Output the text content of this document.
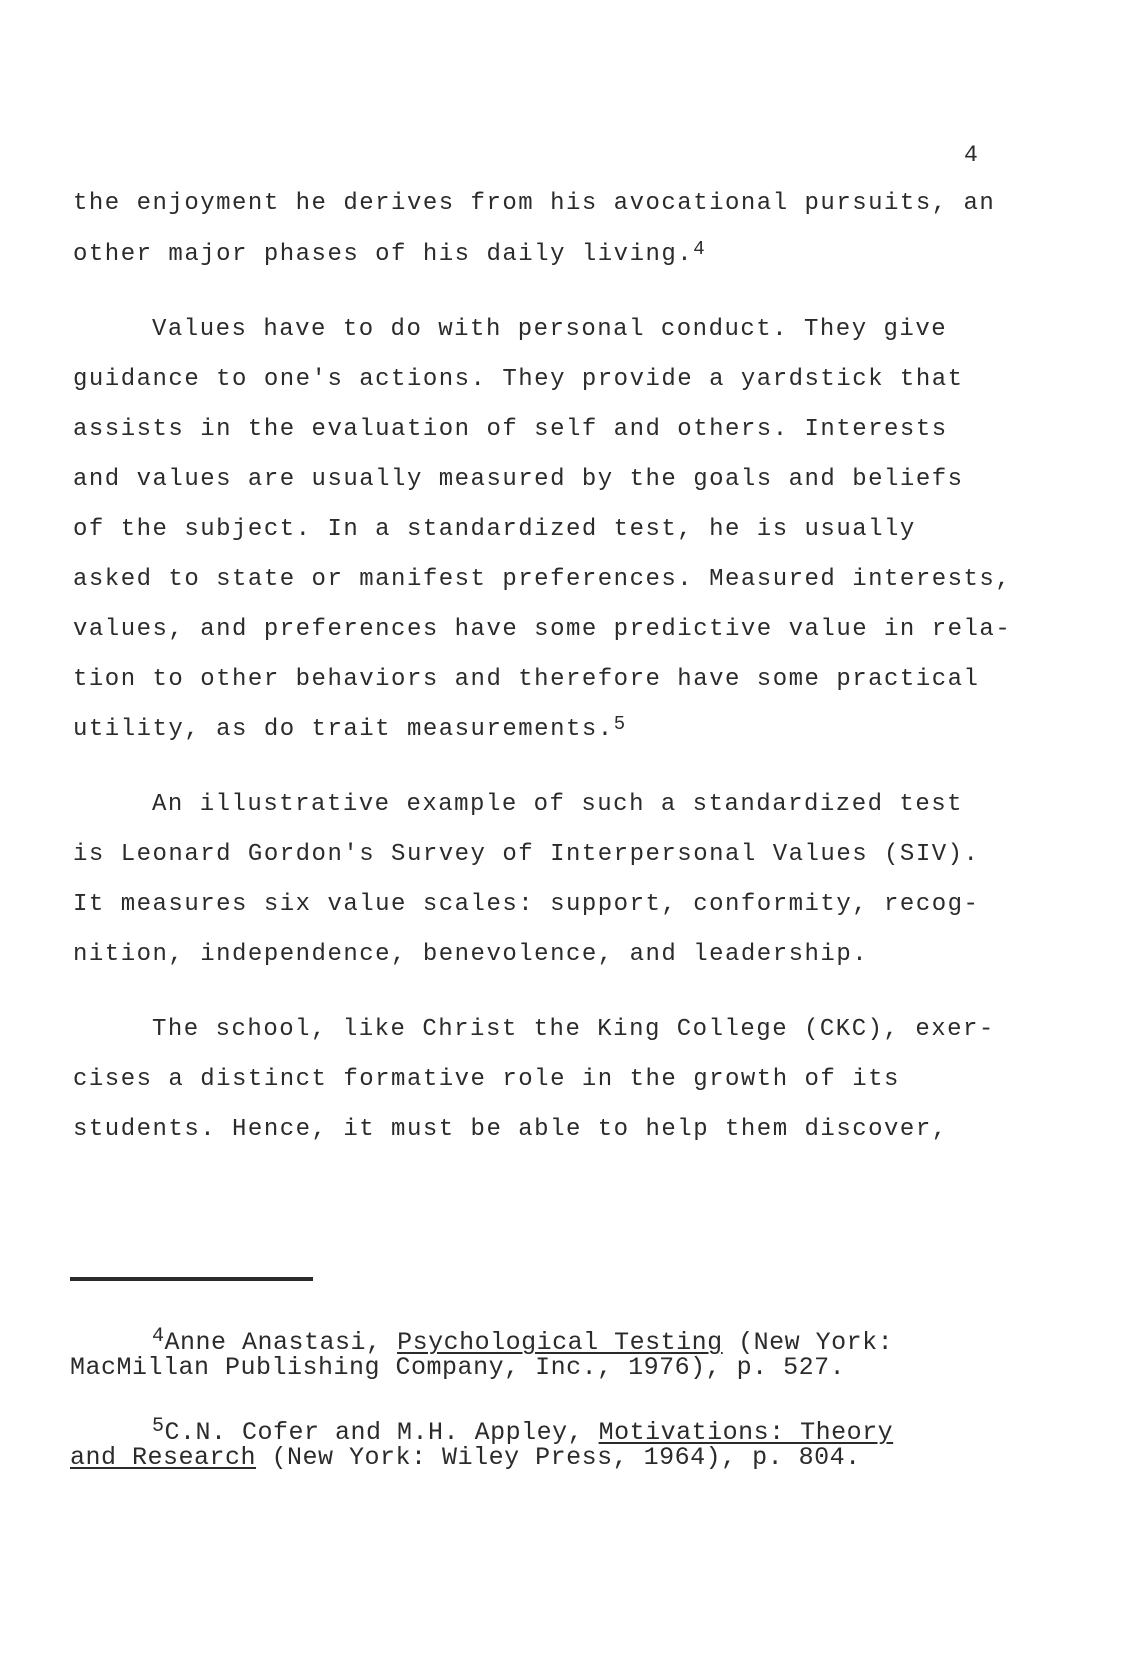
4
the enjoyment he derives from his avocational pursuits, an
other major phases of his daily living.$^4$
Values have to do with personal conduct. They give
guidance to one's actions. They provide a yardstick that
assists in the evaluation of self and others. Interests
and values are usually measured by the goals and beliefs
of the subject. In a standardized test, he is usually
asked to state or manifest preferences. Measured interests,
values, and preferences have some predictive value in rela-
tion to other behaviors and therefore have some practical
utility, as do trait measurements.$^5$
An illustrative example of such a standardized test
is Leonard Gordon's Survey of Interpersonal Values (SIV).
It measures six value scales: support, conformity, recog-
nition, independence, benevolence, and leadership.
The school, like Christ the King College (CKC), exer-
cises a distinct formative role in the growth of its
students. Hence, it must be able to help them discover,
$^4$Anne Anastasi, Psychological Testing (New York:
MacMillan Publishing Company, Inc., 1976), p. 527.
$^5$C.N. Cofer and M.H. Appley, Motivations: Theory
and Research (New York: Wiley Press, 1964), p. 804.
